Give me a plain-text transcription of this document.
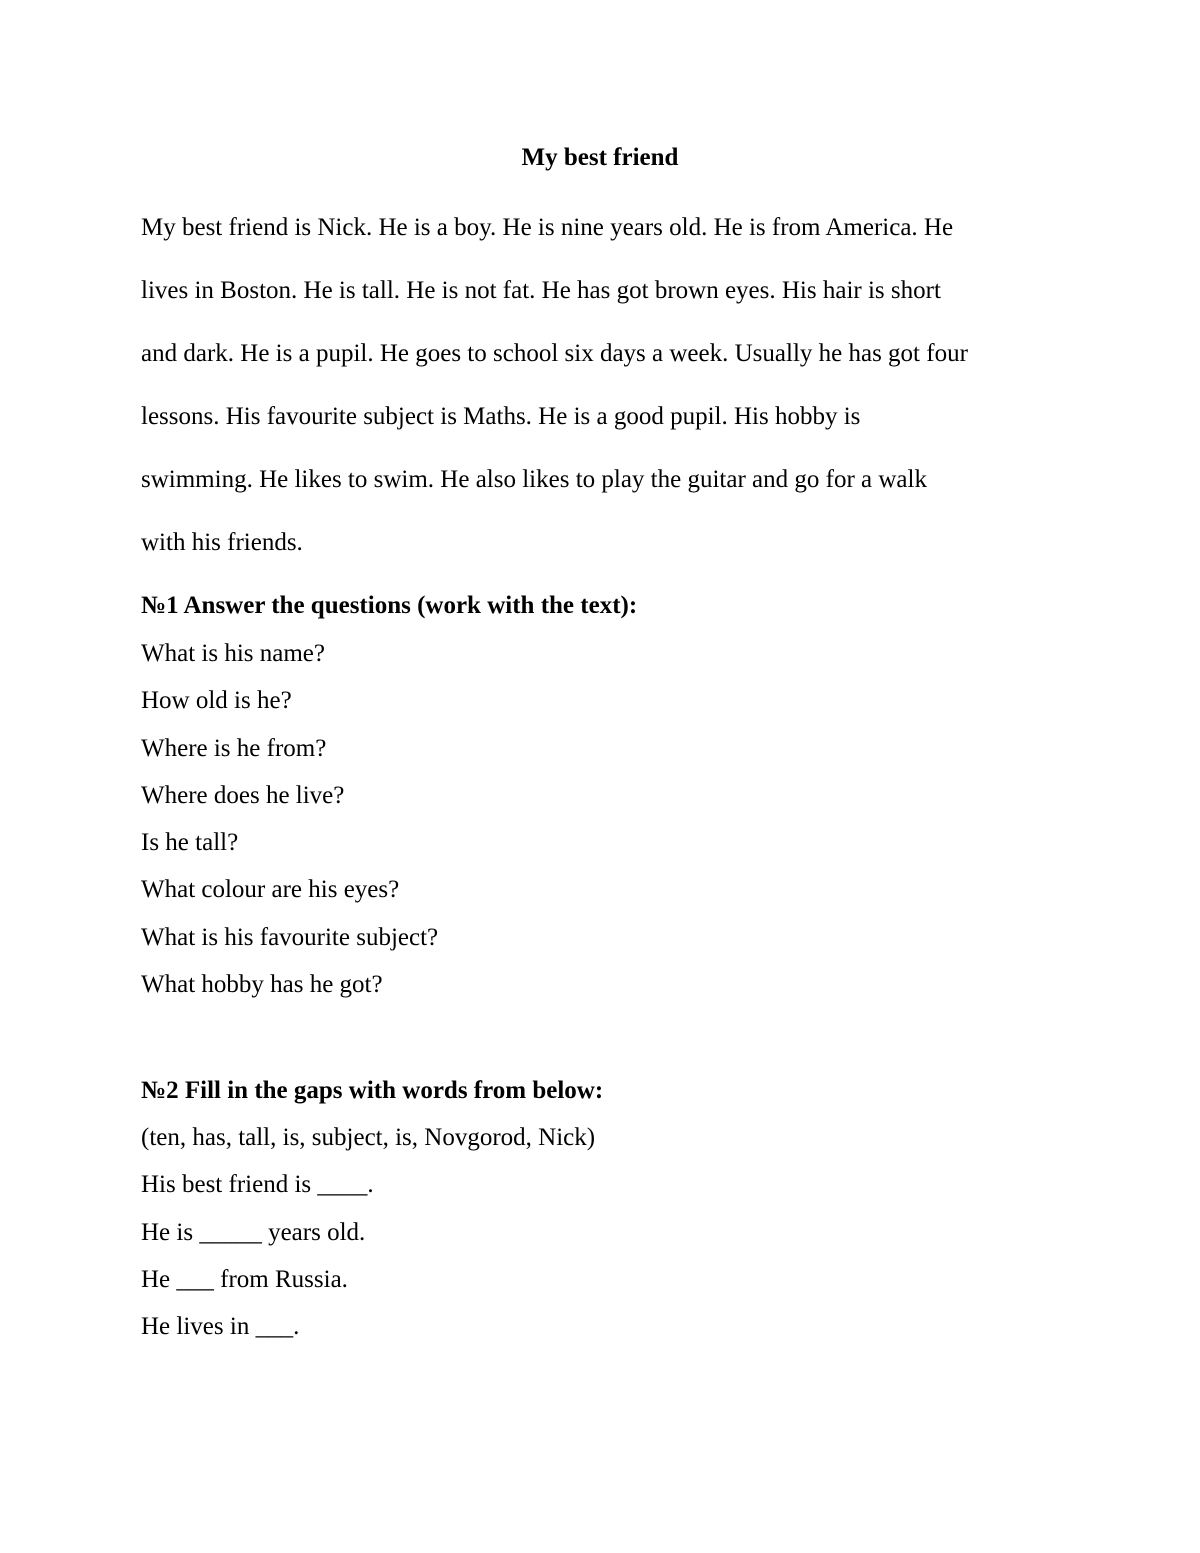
My best friend

My best friend is Nick. He is a boy. He is nine years old. He is from America. He
lives in Boston. He is tall. He is not fat. He has got brown eyes. His hair is short
and dark. He is a pupil. He goes to school six days a week. Usually he has got four
lessons. His favourite subject is Maths. He is a good pupil. His hobby is
swimming. He likes to swim. He also likes to play the guitar and go for a walk
with his friends.

№1 Answer the questions (work with the text):
What is his name?
How old is he?
Where is he from?
Where does he live?
Is he tall?
What colour are his eyes?
What is his favourite subject?
What hobby has he got?
№2 Fill in the gaps with words from below:
(ten, has, tall, is, subject, is, Novgorod, Nick)
His best friend is ____.
He is _____ years old.
He ___ from Russia.
He lives in ___.
